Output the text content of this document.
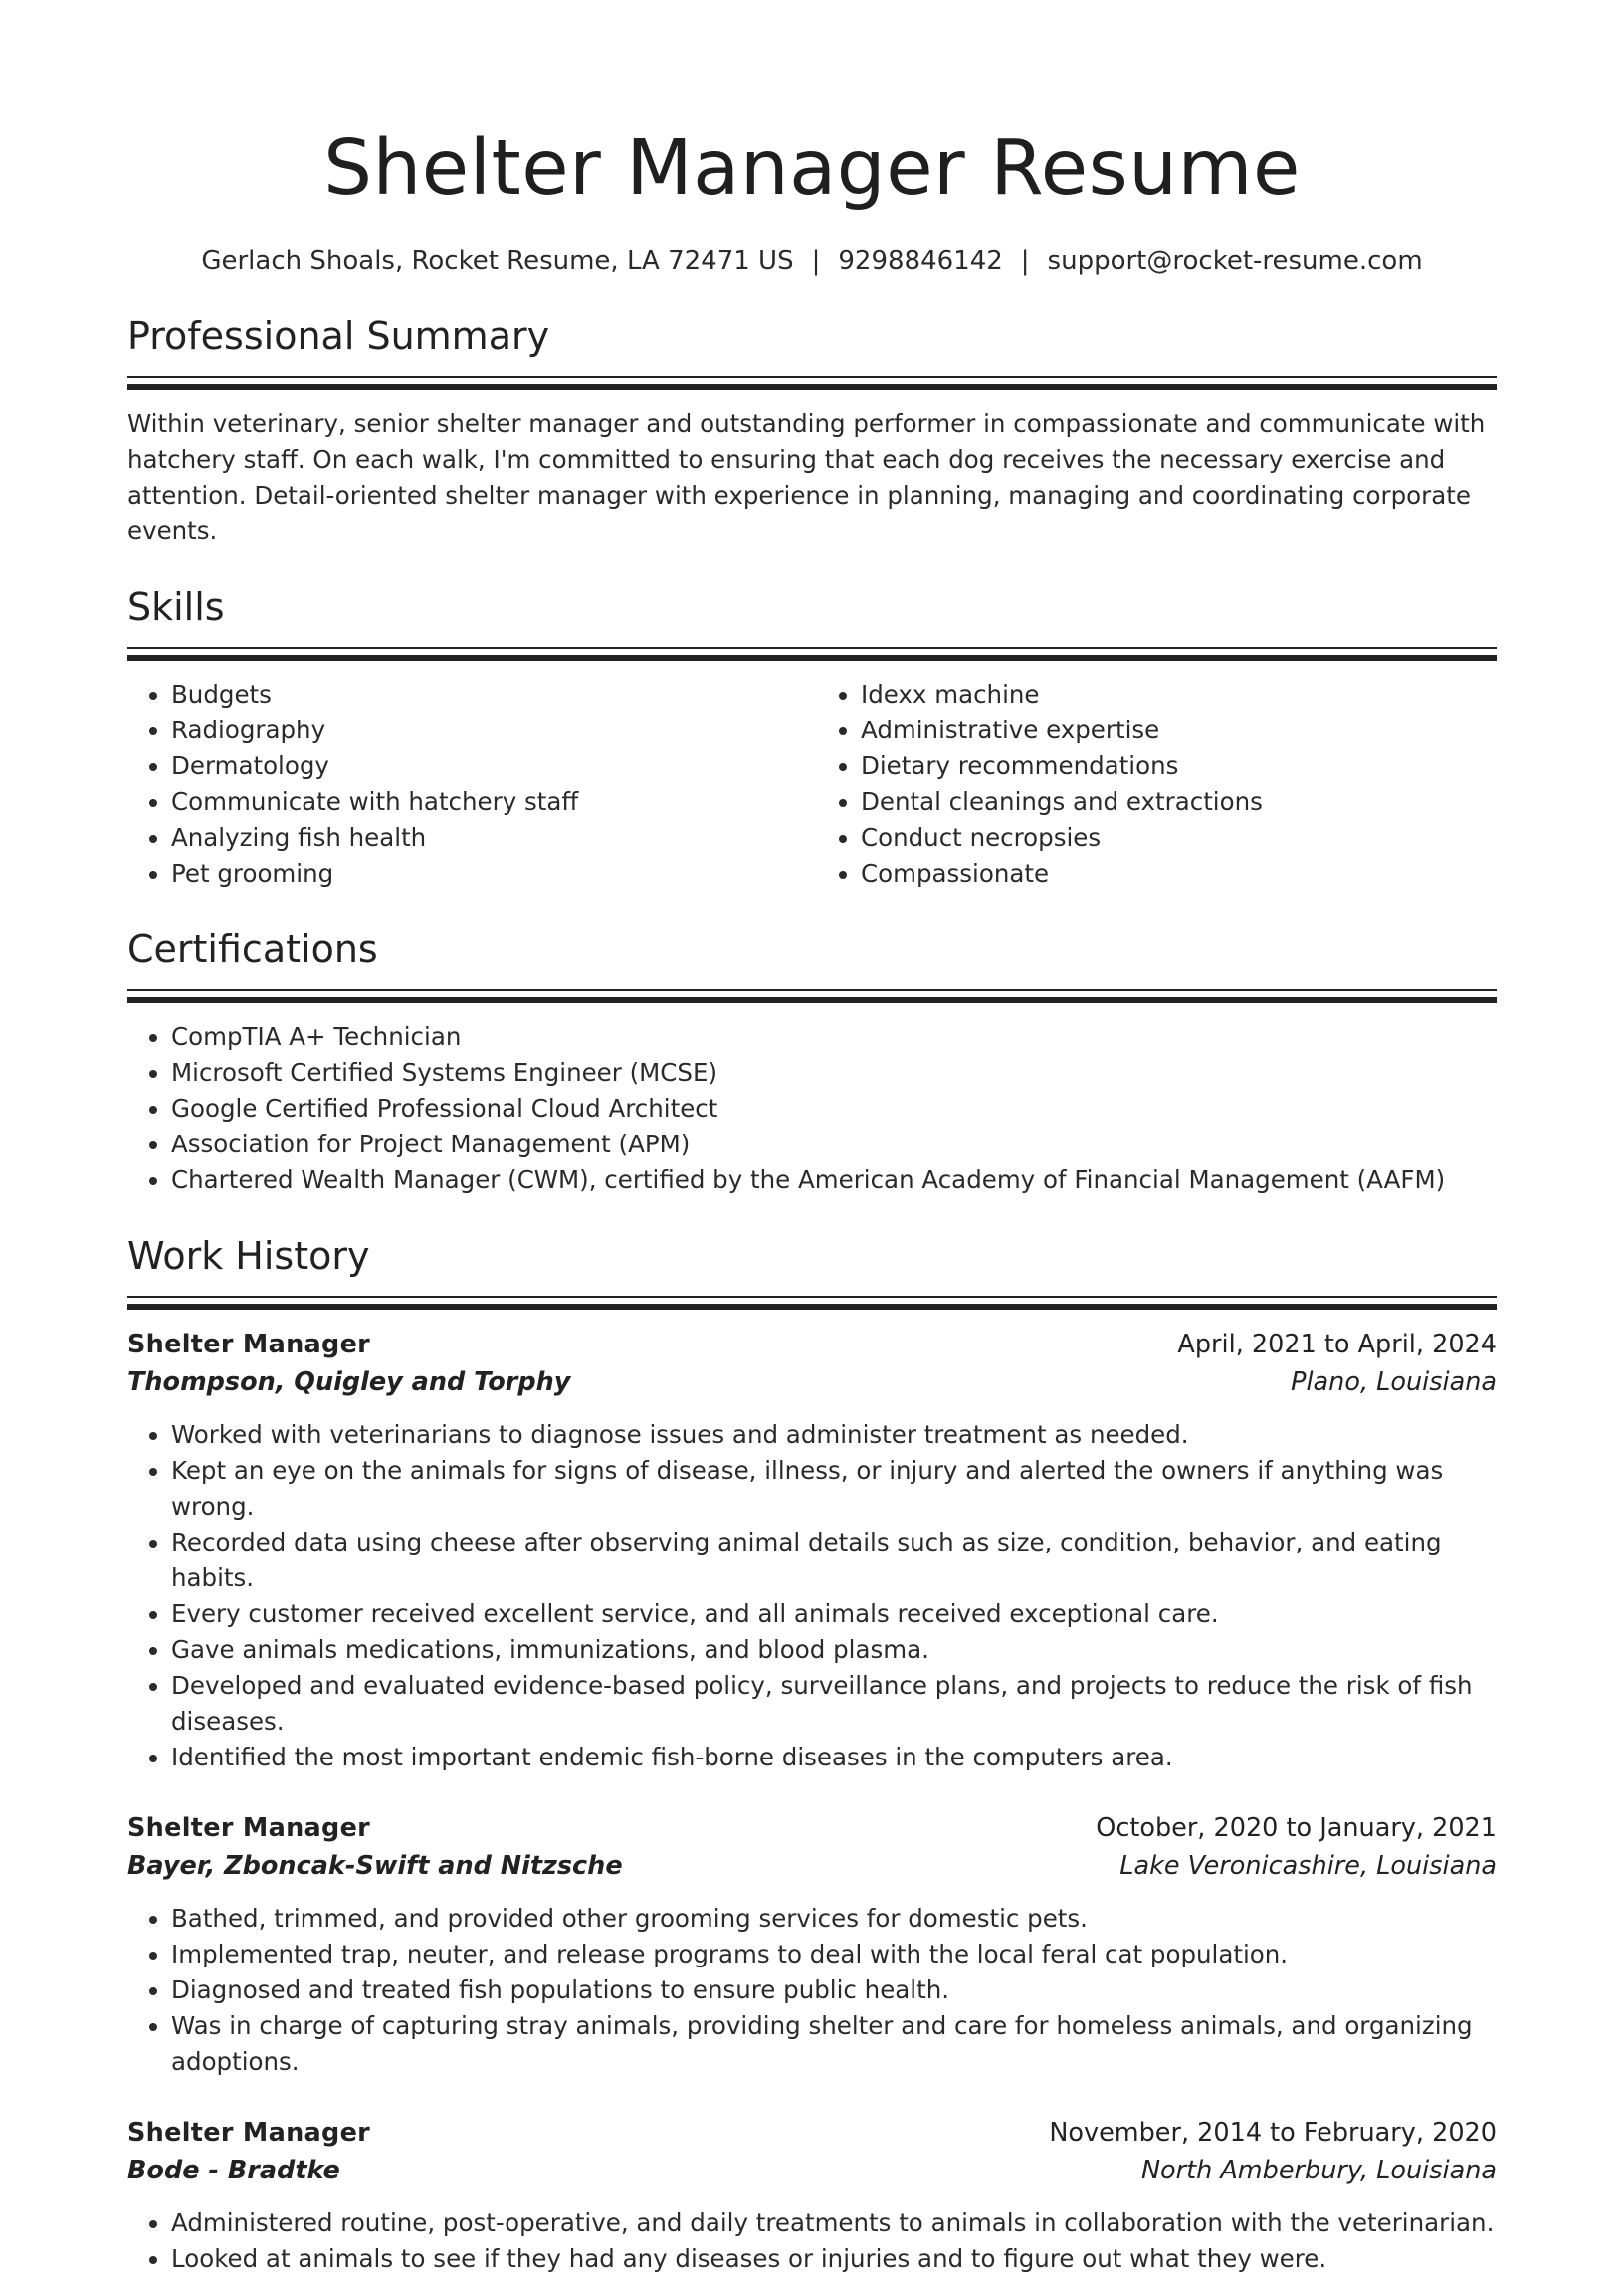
Shelter Manager Resume
Gerlach Shoals, Rocket Resume, LA 72471 US | 9298846142 | support@rocket-resume.com
Professional Summary

Within veterinary, senior shelter manager and outstanding performer in compassionate and communicate with hatchery staff. On each walk, I'm committed to ensuring that each dog receives the necessary exercise and attention. Detail-oriented shelter manager with experience in planning, managing and coordinating corporate events.

Skills
• Budgets
• Radiography
• Dermatology
• Communicate with hatchery staff
• Analyzing fish health
• Pet grooming
• Idexx machine
• Administrative expertise
• Dietary recommendations
• Dental cleanings and extractions
• Conduct necropsies
• Compassionate
Certifications
• CompTIA A+ Technician
• Microsoft Certified Systems Engineer (MCSE)
• Google Certified Professional Cloud Architect
• Association for Project Management (APM)
• Chartered Wealth Manager (CWM), certified by the American Academy of Financial Management (AAFM)
Work History
Shelter Manager	April, 2021 to April, 2024
Thompson, Quigley and Torphy	Plano, Louisiana
• Worked with veterinarians to diagnose issues and administer treatment as needed.
• Kept an eye on the animals for signs of disease, illness, or injury and alerted the owners if anything was wrong.
• Recorded data using cheese after observing animal details such as size, condition, behavior, and eating habits.
• Every customer received excellent service, and all animals received exceptional care.
• Gave animals medications, immunizations, and blood plasma.
• Developed and evaluated evidence-based policy, surveillance plans, and projects to reduce the risk of fish diseases.
• Identified the most important endemic fish-borne diseases in the computers area.
Shelter Manager	October, 2020 to January, 2021
Bayer, Zboncak-Swift and Nitzsche	Lake Veronicashire, Louisiana
• Bathed, trimmed, and provided other grooming services for domestic pets.
• Implemented trap, neuter, and release programs to deal with the local feral cat population.
• Diagnosed and treated fish populations to ensure public health.
• Was in charge of capturing stray animals, providing shelter and care for homeless animals, and organizing adoptions.
Shelter Manager	November, 2014 to February, 2020
Bode - Bradtke	North Amberbury, Louisiana
• Administered routine, post-operative, and daily treatments to animals in collaboration with the veterinarian.
• Looked at animals to see if they had any diseases or injuries and to figure out what they were.
